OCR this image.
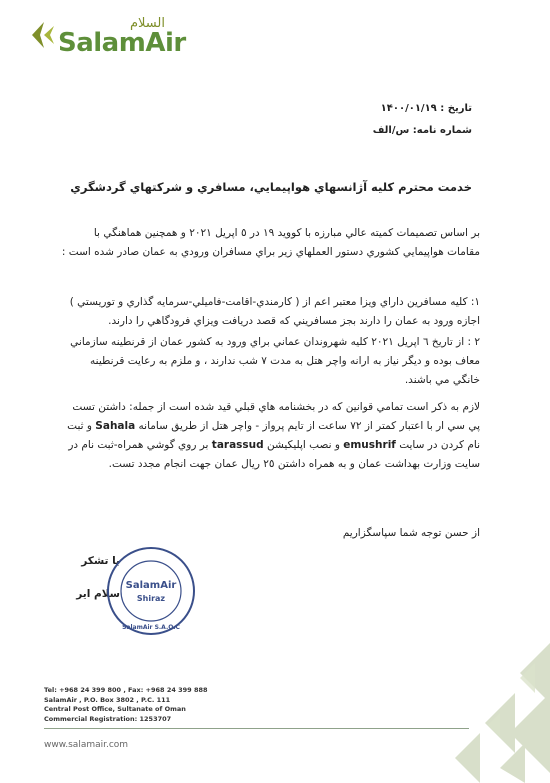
السلام
SalamAir
تاريخ : ۱۴۰۰/۰۱/۱۹
شماره نامه: س/الف
خدمت محترم كليه آژانسهاي هواپيمايي، مسافري و شركتهاي گردشگري
بر اساس تصميمات كميته عالي مبارزه با كوويد ١٩ در ٥ اپريل ٢٠٢١ و همچنين هماهنگي با مقامات هواپيمايي كشوري دستور العملهاي زير براي مسافران ورودي به عمان صادر شده است :
١: كليه مسافرين داراي ويزا معتبر اعم از ( كارمندي-اقامت-فاميلي-سرمايه گذاري و توريستي ) اجازه ورود به عمان را دارند بجز مسافريني كه قصد دريافت ويزاي فرودگاهي را دارند.
٢ : از تاريخ ٦ اپريل ٢٠٢١ كليه شهروندان عماني براي ورود به كشور عمان از قرنطينه سازماني معاف بوده و ديگر نياز به ارانه واچر هتل به مدت ٧ شب ندارند ، و ملزم به رعايت قرنطينه خانگي مي باشند.
لازم به ذكر است تمامي قوانين كه در بخشنامه هاي قبلي قيد شده است از جمله: داشتن تست پي سي ار با اعتبار كمتر از ٧٢ ساعت از تايم پرواز - واچر هتل از طريق سامانه Sahala و ثبت نام كردن در سايت emushrif و نصب اپليكيشن tarassud بر روي گوشي همراه-ثبت نام در سايت وزارت بهداشت عمان و به همراه داشتن ٢٥ ريال عمان جهت انجام مجدد تست.
از حسن توجه شما سپاسگزاريم
با تشكر
سلام اير
SalamAir
Shiraz
SalamAir S.A.O.C
Tel: +968 24 399 800 , Fax: +968 24 399 888
SalamAir , P.O. Box 3802 , P.C. 111
Central Post Office, Sultanate of Oman
Commercial Registration: 1253707
www.salamair.com
